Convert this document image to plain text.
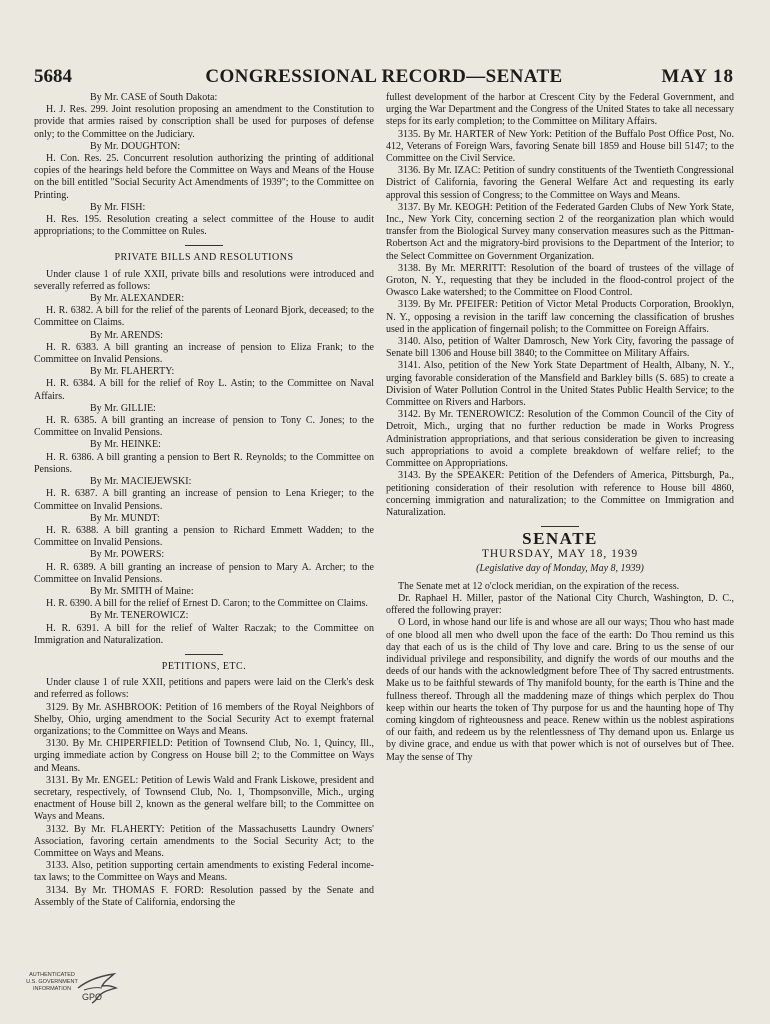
5684	CONGRESSIONAL RECORD—SENATE	MAY 18

By Mr. CASE of South Dakota:

H. J. Res. 299. Joint resolution proposing an amendment to the Constitution to provide that armies raised by conscription shall be used for purposes of defense only; to the Committee on the Judiciary.

By Mr. DOUGHTON:

H. Con. Res. 25. Concurrent resolution authorizing the printing of additional copies of the hearings held before the Committee on Ways and Means of the House on the bill entitled "Social Security Act Amendments of 1939"; to the Committee on Printing.

By Mr. FISH:

H. Res. 195. Resolution creating a select committee of the House to audit appropriations; to the Committee on Rules.

PRIVATE BILLS AND RESOLUTIONS

Under clause 1 of rule XXII, private bills and resolutions were introduced and severally referred as follows:

By Mr. ALEXANDER:

H. R. 6382. A bill for the relief of the parents of Leonard Bjork, deceased; to the Committee on Claims.

By Mr. ARENDS:

H. R. 6383. A bill granting an increase of pension to Eliza Frank; to the Committee on Invalid Pensions.

By Mr. FLAHERTY:

H. R. 6384. A bill for the relief of Roy L. Astin; to the Committee on Naval Affairs.

By Mr. GILLIE:

H. R. 6385. A bill granting an increase of pension to Tony C. Jones; to the Committee on Invalid Pensions.

By Mr. HEINKE:

H. R. 6386. A bill granting a pension to Bert R. Reynolds; to the Committee on Pensions.

By Mr. MACIEJEWSKI:

H. R. 6387. A bill granting an increase of pension to Lena Krieger; to the Committee on Invalid Pensions.

By Mr. MUNDT:

H. R. 6388. A bill granting a pension to Richard Emmett Wadden; to the Committee on Invalid Pensions.

By Mr. POWERS:

H. R. 6389. A bill granting an increase of pension to Mary A. Archer; to the Committee on Invalid Pensions.

By Mr. SMITH of Maine:

H. R. 6390. A bill for the relief of Ernest D. Caron; to the Committee on Claims.

By Mr. TENEROWICZ:

H. R. 6391. A bill for the relief of Walter Raczak; to the Committee on Immigration and Naturalization.

PETITIONS, ETC.

Under clause 1 of rule XXII, petitions and papers were laid on the Clerk's desk and referred as follows:

3129. By Mr. ASHBROOK: Petition of 16 members of the Royal Neighbors of Shelby, Ohio, urging amendment to the Social Security Act to exempt fraternal organizations; to the Committee on Ways and Means.

3130. By Mr. CHIPERFIELD: Petition of Townsend Club, No. 1, Quincy, Ill., urging immediate action by Congress on House bill 2; to the Committee on Ways and Means.

3131. By Mr. ENGEL: Petition of Lewis Wald and Frank Liskowe, president and secretary, respectively, of Townsend Club, No. 1, Thompsonville, Mich., urging enactment of House bill 2, known as the general welfare bill; to the Committee on Ways and Means.

3132. By Mr. FLAHERTY: Petition of the Massachusetts Laundry Owners' Association, favoring certain amendments to the Social Security Act; to the Committee on Ways and Means.

3133. Also, petition supporting certain amendments to existing Federal income-tax laws; to the Committee on Ways and Means.

3134. By Mr. THOMAS F. FORD: Resolution passed by the Senate and Assembly of the State of California, endorsing the

fullest development of the harbor at Crescent City by the Federal Government, and urging the War Department and the Congress of the United States to take all necessary steps for its early completion; to the Committee on Military Affairs.

3135. By Mr. HARTER of New York: Petition of the Buffalo Post Office Post, No. 412, Veterans of Foreign Wars, favoring Senate bill 1859 and House bill 5147; to the Committee on the Civil Service.

3136. By Mr. IZAC: Petition of sundry constituents of the Twentieth Congressional District of California, favoring the General Welfare Act and requesting its early approval this session of Congress; to the Committee on Ways and Means.

3137. By Mr. KEOGH: Petition of the Federated Garden Clubs of New York State, Inc., New York City, concerning section 2 of the reorganization plan which would transfer from the Biological Survey many conservation measures such as the Pittman-Robertson Act and the migratory-bird provisions to the Department of the Interior; to the Select Committee on Government Organization.

3138. By Mr. MERRITT: Resolution of the board of trustees of the village of Groton, N. Y., requesting that they be included in the flood-control project of the Owasco Lake watershed; to the Committee on Flood Control.

3139. By Mr. PFEIFER: Petition of Victor Metal Products Corporation, Brooklyn, N. Y., opposing a revision in the tariff law concerning the classification of brushes used in the application of fingernail polish; to the Committee on Foreign Affairs.

3140. Also, petition of Walter Damrosch, New York City, favoring the passage of Senate bill 1306 and House bill 3840; to the Committee on Military Affairs.

3141. Also, petition of the New York State Department of Health, Albany, N. Y., urging favorable consideration of the Mansfield and Barkley bills (S. 685) to create a Division of Water Pollution Control in the United States Public Health Service; to the Committee on Rivers and Harbors.

3142. By Mr. TENEROWICZ: Resolution of the Common Council of the City of Detroit, Mich., urging that no further reduction be made in Works Progress Administration appropriations, and that serious consideration be given to increasing such appropriations to avoid a complete breakdown of welfare relief; to the Committee on Appropriations.

3143. By the SPEAKER: Petition of the Defenders of America, Pittsburgh, Pa., petitioning consideration of their resolution with reference to House bill 4860, concerning immigration and naturalization; to the Committee on Immigration and Naturalization.

SENATE
THURSDAY, MAY 18, 1939
(Legislative day of Monday, May 8, 1939)

The Senate met at 12 o'clock meridian, on the expiration of the recess.

Dr. Raphael H. Miller, pastor of the National City Church, Washington, D. C., offered the following prayer:

O Lord, in whose hand our life is and whose are all our ways; Thou who hast made of one blood all men who dwell upon the face of the earth: Do Thou remind us this day that each of us is the child of Thy love and care. Bring to us the sense of our individual privilege and responsibility, and dignify the words of our mouths and the deeds of our hands with the acknowledgment before Thee of Thy sacred entrustments. Make us to be faithful stewards of Thy manifold bounty, for the earth is Thine and the fullness thereof. Through all the maddening maze of things which perplex do Thou keep within our hearts the token of Thy purpose for us and the haunting hope of Thy coming kingdom of righteousness and peace. Renew within us the noblest aspirations of our faith, and redeem us by the relentlessness of Thy demand upon us. Enlarge us by divine grace, and endue us with that power which is not of ourselves but of Thee. May the sense of Thy

AUTHENTICATED
U.S. GOVERNMENT
INFORMATION
GPO
